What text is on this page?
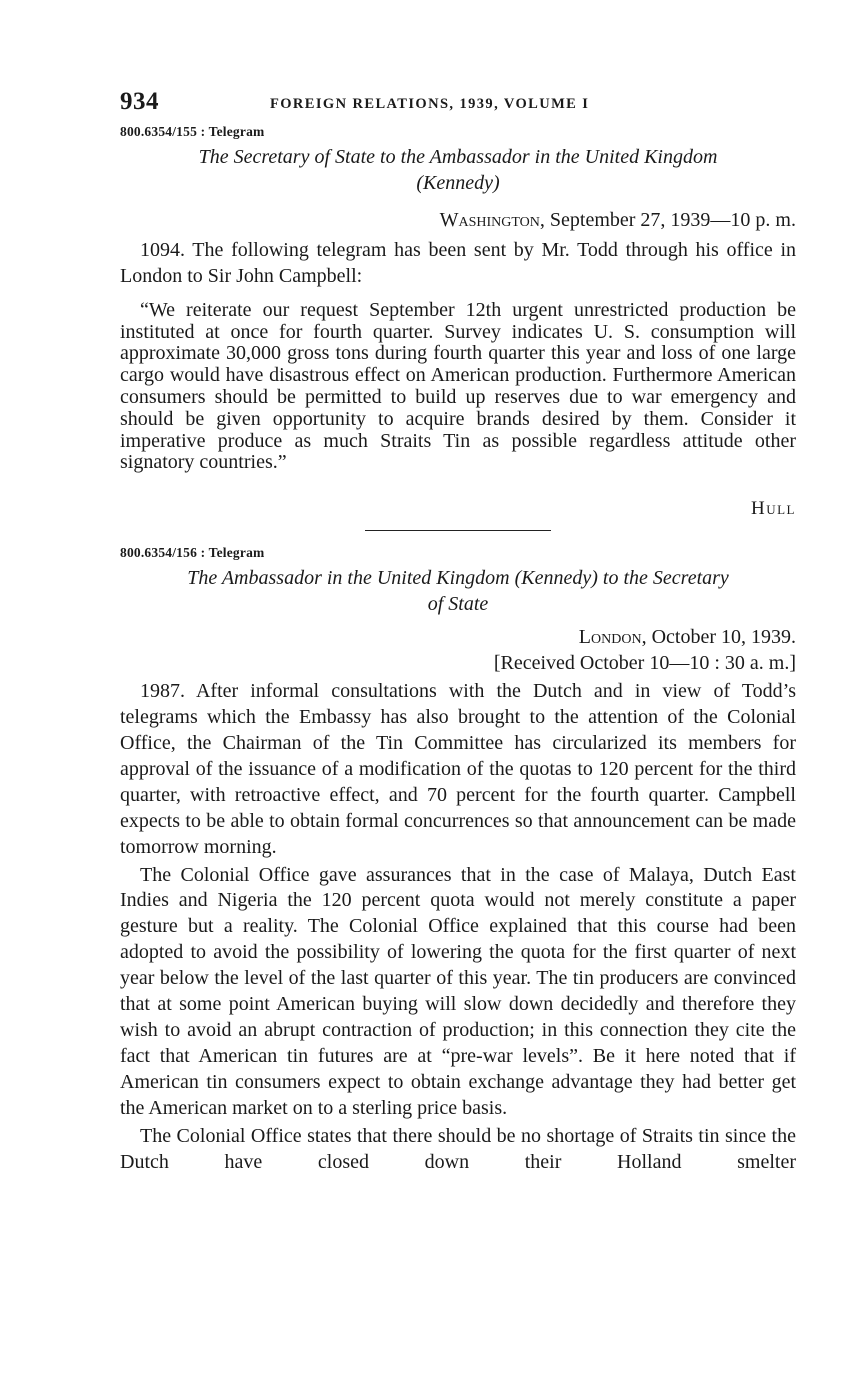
934	FOREIGN RELATIONS, 1939, VOLUME I
800.6354/155 : Telegram
The Secretary of State to the Ambassador in the United Kingdom
(Kennedy)
Washington, September 27, 1939—10 p. m.

1094. The following telegram has been sent by Mr. Todd through his office in London to Sir John Campbell:

“We reiterate our request September 12th urgent unrestricted production be instituted at once for fourth quarter. Survey indicates U. S. consumption will approximate 30,000 gross tons during fourth quarter this year and loss of one large cargo would have disastrous effect on American production. Furthermore American consumers should be permitted to build up reserves due to war emergency and should be given opportunity to acquire brands desired by them. Consider it imperative produce as much Straits Tin as possible regardless attitude other signatory countries.”

Hull
800.6354/156 : Telegram
The Ambassador in the United Kingdom (Kennedy) to the Secretary
of State
London, October 10, 1939.
[Received October 10—10 : 30 a. m.]

1987. After informal consultations with the Dutch and in view of Todd’s telegrams which the Embassy has also brought to the attention of the Colonial Office, the Chairman of the Tin Committee has circularized its members for approval of the issuance of a modification of the quotas to 120 percent for the third quarter, with retroactive effect, and 70 percent for the fourth quarter. Campbell expects to be able to obtain formal concurrences so that announcement can be made tomorrow morning.

The Colonial Office gave assurances that in the case of Malaya, Dutch East Indies and Nigeria the 120 percent quota would not merely constitute a paper gesture but a reality. The Colonial Office explained that this course had been adopted to avoid the possibility of lowering the quota for the first quarter of next year below the level of the last quarter of this year. The tin producers are convinced that at some point American buying will slow down decidedly and therefore they wish to avoid an abrupt contraction of production; in this connection they cite the fact that American tin futures are at “pre-war levels”. Be it here noted that if American tin consumers expect to obtain exchange advantage they had better get the American market on to a sterling price basis.

The Colonial Office states that there should be no shortage of Straits tin since the Dutch have closed down their Holland smelter
